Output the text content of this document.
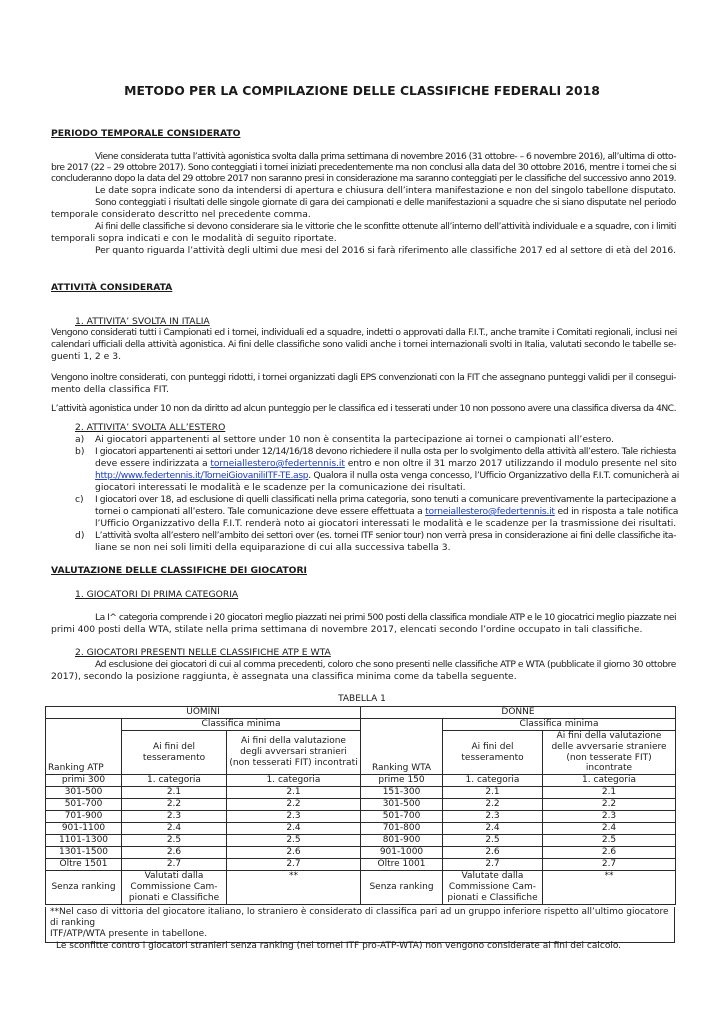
METODO PER LA COMPILAZIONE DELLE CLASSIFICHE FEDERALI 2018
PERIODO TEMPORALE CONSIDERATO
Viene considerata tutta l’attività agonistica svolta dalla prima settimana di novembre 2016 (31 ottobre- – 6 novembre 2016), all’ultima di otto-
bre 2017 (22 – 29 ottobre 2017). Sono conteggiati i tornei iniziati precedentemente ma non conclusi alla data del 30 ottobre 2016, mentre i tornei che si
concluderanno dopo la data del 29 ottobre 2017 non saranno presi in considerazione ma saranno conteggiati per le classifiche del successivo anno 2019.
Le date sopra indicate sono da intendersi di apertura e chiusura dell’intera manifestazione e non del singolo tabellone disputato.
Sono conteggiati i risultati delle singole giornate di gara dei campionati e delle manifestazioni a squadre che si siano disputate nel periodo
temporale considerato descritto nel precedente comma.
Ai fini delle classifiche si devono considerare sia le vittorie che le sconfitte ottenute all’interno dell’attività individuale e a squadre, con i limiti
temporali sopra indicati e con le modalità di seguito riportate.
Per quanto riguarda l’attività degli ultimi due mesi del 2016 si farà riferimento alle classifiche 2017 ed al settore di età del 2016.
ATTIVITÀ CONSIDERATA
1. ATTIVITA’ SVOLTA IN ITALIA
Vengono considerati tutti i Campionati ed i tornei, individuali ed a squadre, indetti o approvati dalla F.I.T., anche tramite i Comitati regionali, inclusi nei
calendari ufficiali della attività agonistica. Ai fini delle classifiche sono validi anche i tornei internazionali svolti in Italia, valutati secondo le tabelle se-
guenti 1, 2 e 3.
Vengono inoltre considerati, con punteggi ridotti, i tornei organizzati dagli EPS convenzionati con la FIT che assegnano punteggi validi per il consegui-
mento della classifica FIT.
L’attività agonistica under 10 non da diritto ad alcun punteggio per le classifica ed i tesserati under 10 non possono avere una classifica diversa da 4NC.
2. ATTIVITA’ SVOLTA ALL’ESTERO
a) Ai giocatori appartenenti al settore under 10 non è consentita la partecipazione ai tornei o campionati all’estero.
b) I giocatori appartenenti ai settori under 12/14/16/18 devono richiedere il nulla osta per lo svolgimento della attività all’estero. Tale richiesta
deve essere indirizzata a torneiallestero@federtennis.it entro e non oltre il 31 marzo 2017 utilizzando il modulo presente nel sito
http://www.federtennis.it/TorneiGiovaniliITF-TE.asp. Qualora il nulla osta venga concesso, l’Ufficio Organizzativo della F.I.T. comunicherà ai
giocatori interessati le modalità e le scadenze per la comunicazione dei risultati.
c) I giocatori over 18, ad esclusione di quelli classificati nella prima categoria, sono tenuti a comunicare preventivamente la partecipazione a
tornei o campionati all’estero. Tale comunicazione deve essere effettuata a torneiallestero@federtennis.it ed in risposta a tale notifica
l’Ufficio Organizzativo della F.I.T. renderà noto ai giocatori interessati le modalità e le scadenze per la trasmissione dei risultati.
d) L’attività svolta all’estero nell’ambito dei settori over (es. tornei ITF senior tour) non verrà presa in considerazione ai fini delle classifiche ita-
liane se non nei soli limiti della equiparazione di cui alla successiva tabella 3.
VALUTAZIONE DELLE CLASSIFICHE DEI GIOCATORI
1. GIOCATORI DI PRIMA CATEGORIA
La I^ categoria comprende i 20 giocatori meglio piazzati nei primi 500 posti della classifica mondiale ATP e le 10 giocatrici meglio piazzate nei
primi 400 posti della WTA, stilate nella prima settimana di novembre 2017, elencati secondo l’ordine occupato in tali classifiche.
2. GIOCATORI PRESENTI NELLE CLASSIFICHE ATP E WTA
Ad esclusione dei giocatori di cui al comma precedenti, coloro che sono presenti nelle classifiche ATP e WTA (pubblicate il giorno 30 ottobre
2017), secondo la posizione raggiunta, è assegnata una classifica minima come da tabella seguente.
TABELLA 1
UOMINI			DONNE		
Ranking ATP	Classifica minima		Ranking WTA	Classifica minima	
	Ai fini del tesseramento	Ai fini della valutazione degli avversari stranieri (non tesserati FIT) incontrati		Ai fini del tesseramento	Ai fini della valutazione delle avversarie straniere (non tesserate FIT) incontrate
primi 300	1. categoria	1. categoria	prime 150	1. categoria	1. categoria
301-500	2.1	2.1	151-300	2.1	2.1
501-700	2.2	2.2	301-500	2.2	2.2
701-900	2.3	2.3	501-700	2.3	2.3
901-1100	2.4	2.4	701-800	2.4	2.4
1101-1300	2.5	2.5	801-900	2.5	2.5
1301-1500	2.6	2.6	901-1000	2.6	2.6
Oltre 1501	2.7	2.7	Oltre 1001	2.7	2.7
Senza ranking	Valutati dalla Commissione Cam-pionati e Classifiche	**	Senza ranking	Valutate dalla Commissione Cam-pionati e Classifiche	**
**Nel caso di vittoria del giocatore italiano, lo straniero è considerato di classifica pari ad un gruppo inferiore rispetto all’ultimo giocatore di ranking
ITF/ATP/WTA presente in tabellone.
Le sconfitte contro i giocatori stranieri senza ranking (nei tornei ITF pro-ATP-WTA) non vengono considerate ai fini del calcolo.
